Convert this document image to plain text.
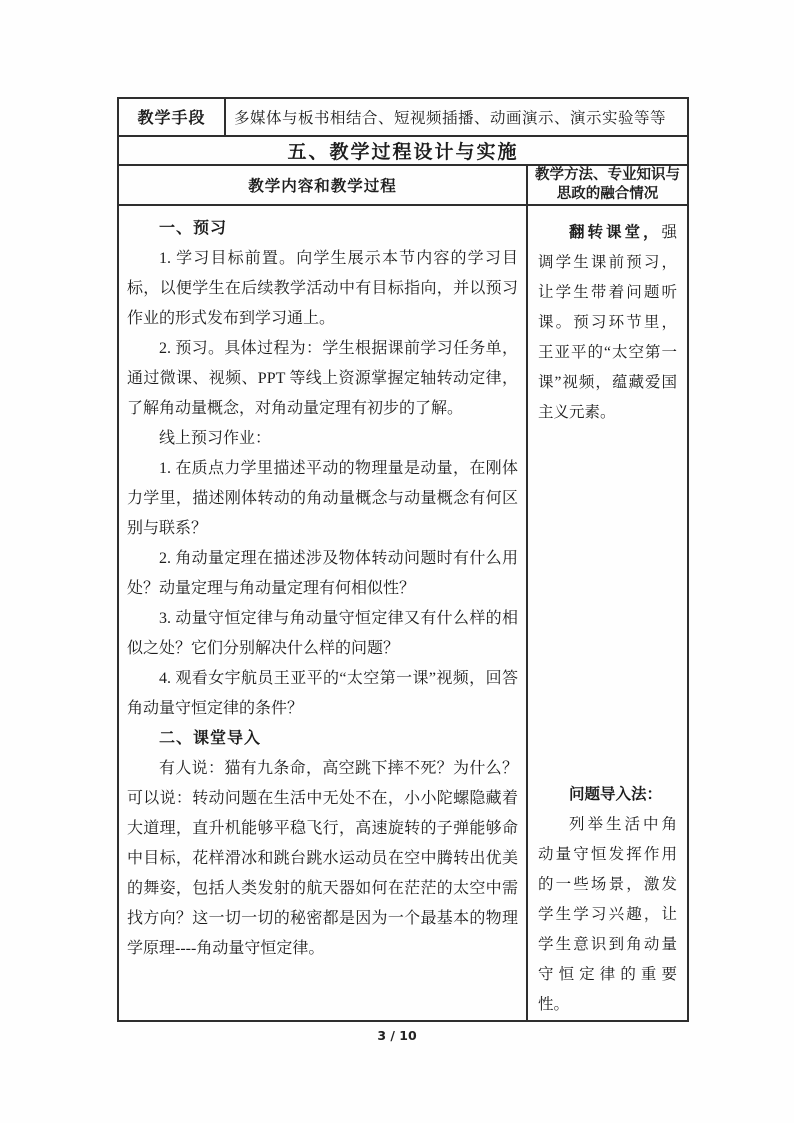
教学手段	多媒体与板书相结合、短视频插播、动画演示、演示实验等等
五、教学过程设计与实施
教学内容和教学过程
教学方法、专业知识与思政的融合情况

一、预习

1. 学习目标前置。向学生展示本节内容的学习目标，以便学生在后续教学活动中有目标指向，并以预习作业的形式发布到学习通上。

2. 预习。具体过程为：学生根据课前学习任务单，通过微课、视频、PPT 等线上资源掌握定轴转动定律，了解角动量概念，对角动量定理有初步的了解。

线上预习作业：

1. 在质点力学里描述平动的物理量是动量，在刚体力学里，描述刚体转动的角动量概念与动量概念有何区别与联系？

2. 角动量定理在描述涉及物体转动问题时有什么用处？动量定理与角动量定理有何相似性？

3. 动量守恒定律与角动量守恒定律又有什么样的相似之处？它们分别解决什么样的问题？

4. 观看女宇航员王亚平的“太空第一课”视频，回答角动量守恒定律的条件？

二、课堂导入

有人说：猫有九条命，高空跳下摔不死？为什么？可以说：转动问题在生活中无处不在，小小陀螺隐藏着大道理，直升机能够平稳飞行，高速旋转的子弹能够命中目标，花样滑冰和跳台跳水运动员在空中腾转出优美的舞姿，包括人类发射的航天器如何在茫茫的太空中需找方向？这一切一切的秘密都是因为一个最基本的物理学原理----角动量守恒定律。

翻转课堂，强调学生课前预习，让学生带着问题听课。预习环节里，王亚平的“太空第一课”视频，蕴藏爱国主义元素。

问题导入法：

列举生活中角动量守恒发挥作用的一些场景，激发学生学习兴趣，让学生意识到角动量守恒定律的重要性。

3 / 10
